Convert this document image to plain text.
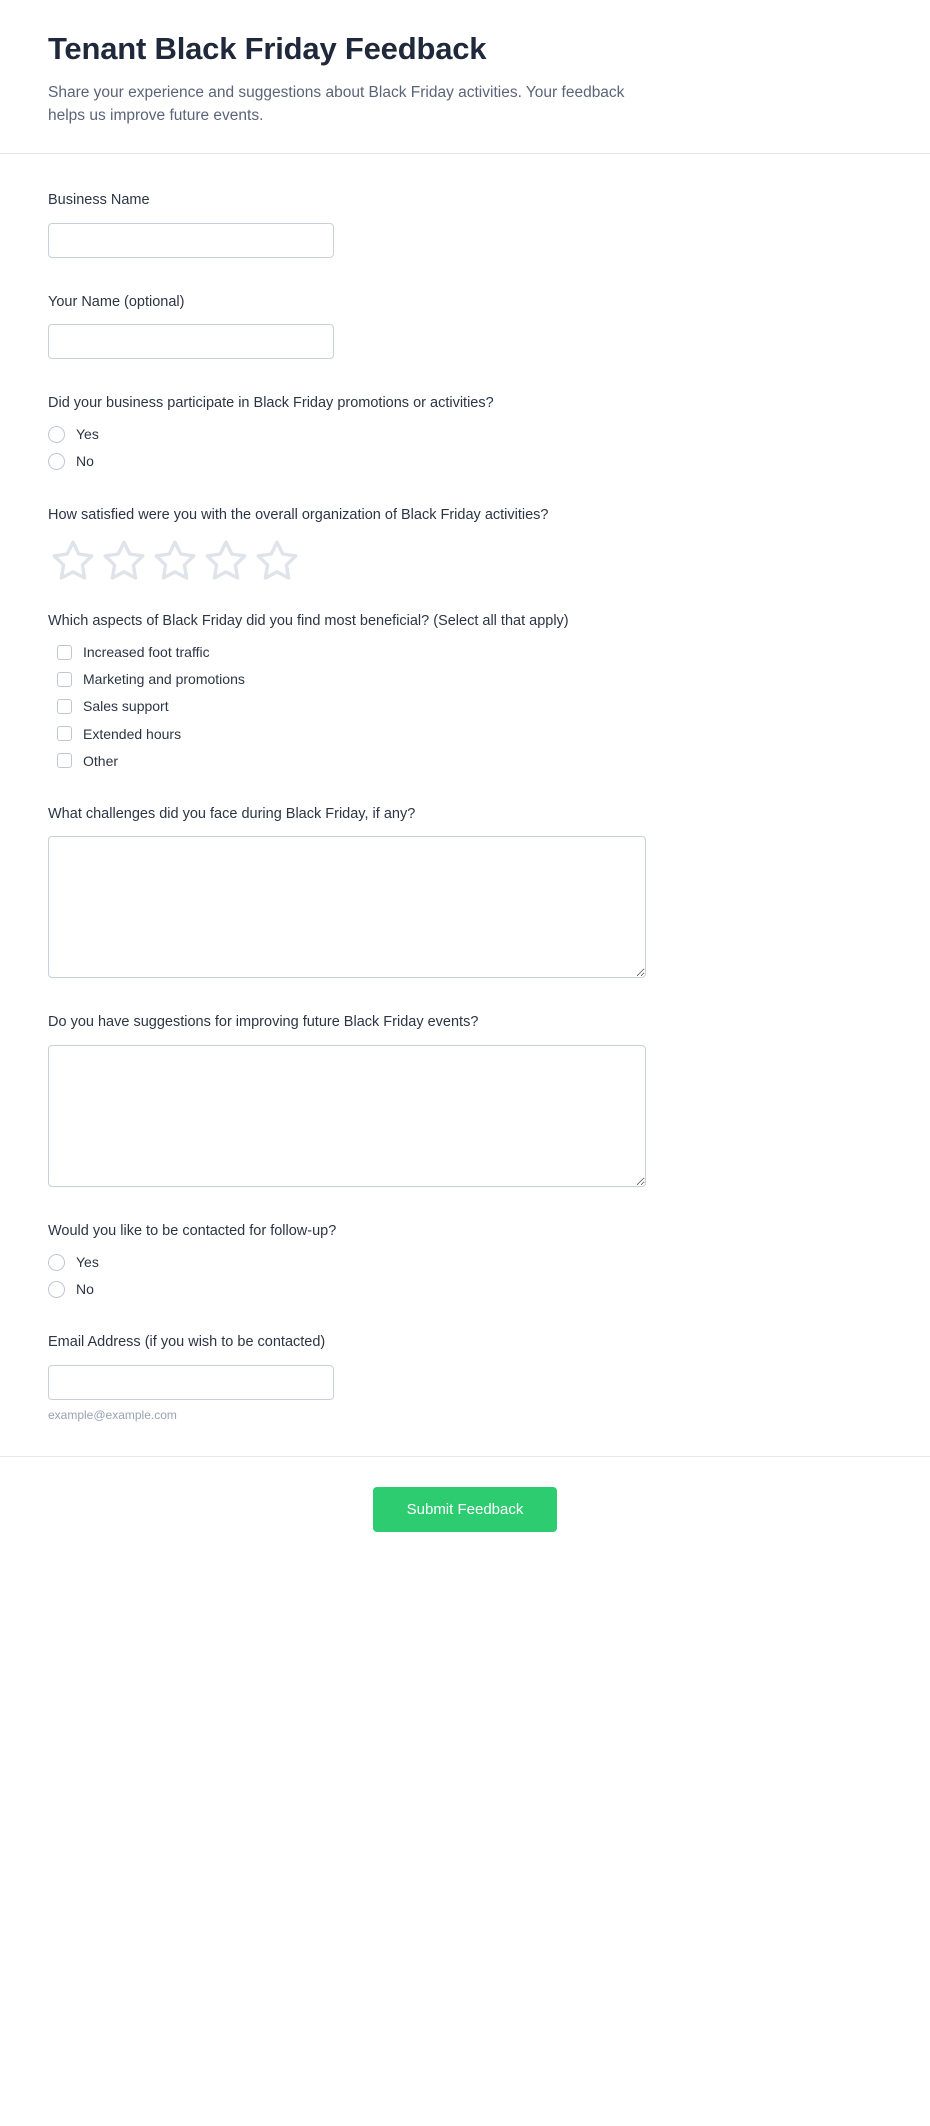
Tenant Black Friday Feedback

Share your experience and suggestions about Black Friday activities. Your feedback helps us improve future events.

Business Name
Your Name (optional)
Did your business participate in Black Friday promotions or activities?
Yes
No
How satisfied were you with the overall organization of Black Friday activities?
Which aspects of Black Friday did you find most beneficial? (Select all that apply)
Increased foot traffic
Marketing and promotions
Sales support
Extended hours
Other
What challenges did you face during Black Friday, if any?
Do you have suggestions for improving future Black Friday events?
Would you like to be contacted for follow-up?
Yes
No
Email Address (if you wish to be contacted)
example@example.com
Submit Feedback
